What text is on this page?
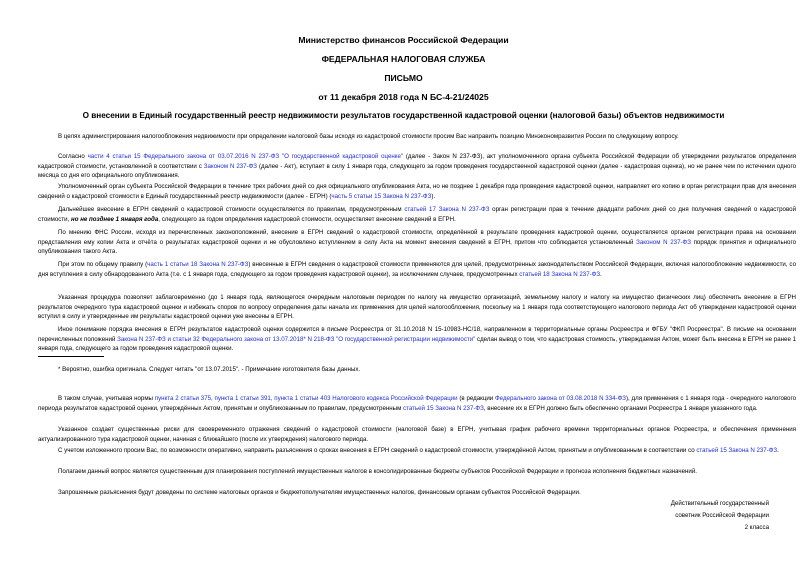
Министерство финансов Российской Федерации
ФЕДЕРАЛЬНАЯ НАЛОГОВАЯ СЛУЖБА
ПИСЬМО
от 11 декабря 2018 года N БС-4-21/24025
О внесении в Единый государственный реестр недвижимости результатов государственной кадастровой оценки (налоговой базы) объектов недвижимости

В целях администрирования налогообложения недвижимости при определении налоговой базы исходя из кадастровой стоимости просим Вас направить позицию Минэкономразвития России по следующему вопросу.

Согласно части 4 статьи 15 Федерального закона от 03.07.2016 N 237-ФЗ "О государственной кадастровой оценке" (далее - Закон N 237-ФЗ), акт уполномоченного органа субъекта Российской Федерации об утверждении результатов определения кадастровой стоимости, установленной в соответствии с Законом N 237-ФЗ (далее - Акт), вступает в силу 1 января года, следующего за годом проведения государственной кадастровой оценки (далее - кадастровая оценка), но не ранее чем по истечении одного месяца со дня его официального опубликования.

Уполномоченный орган субъекта Российской Федерации в течение трех рабочих дней со дня официального опубликования Акта, но не позднее 1 декабря года проведения кадастровой оценки, направляет его копию в орган регистрации прав для внесения сведений о кадастровой стоимости в Единый государственный реестр недвижимости (далее - ЕГРН) (часть 5 статьи 15 Закона N 237-ФЗ).

Дальнейшее внесение в ЕГРН сведений о кадастровой стоимости осуществляется по правилам, предусмотренным статьей 17 Закона N 237-ФЗ орган регистрации прав в течение двадцати рабочих дней со дня получения сведений о кадастровой стоимости, но не позднее 1 января года, следующего за годом определения кадастровой стоимости, осуществляет внесение сведений в ЕГРН.

По мнению ФНС России, исходя из перечисленных законоположений, внесение в ЕГРН сведений о кадастровой стоимости, определённой в результате проведения кадастровой оценки, осуществляется органом регистрации права на основании представления ему копии Акта и отчёта о результатах кадастровой оценки и не обусловлено вступлением в силу Акта на момент внесения сведений в ЕГРН, притом что соблюдается установленный Законом N 237-ФЗ порядок принятия и официального опубликования такого Акта.

При этом по общему правилу (часть 1 статьи 18 Закона N 237-ФЗ) внесенные в ЕГРН сведения о кадастровой стоимости применяются для целей, предусмотренных законодательством Российской Федерации, включая налогообложение недвижимости, со дня вступления в силу обнародованного Акта (т.е. с 1 января года, следующего за годом проведения кадастровой оценки), за исключением случаев, предусмотренных статьей 18 Закона N 237-ФЗ.

Указанная процедура позволяет заблаговременно (до 1 января года, являющегося очередным налоговым периодом по налогу на имущество организаций, земельному налогу и налогу на имущество физических лиц) обеспечить внесение в ЕГРН результатов очередного тура кадастровой оценки и избежать споров по вопросу определения даты начала их применения для целей налогообложения, поскольку на 1 января года соответствующего налогового периода Акт об утверждении кадастровой оценки вступил в силу и утвержденные им результаты кадастровой оценки уже внесены в ЕГРН.

Иное понимание порядка внесения в ЕГРН результатов кадастровой оценки содержится в письме Росреестра от 31.10.2018 N 15-10983-НС/18, направленном в территориальные органы Росреестра и ФГБУ "ФКП Росреестра". В письме на основании перечисленных положений Закона N 237-ФЗ и статьи 32 Федерального закона от 13.07.2018* N 218-ФЗ "О государственной регистрации недвижимости" сделан вывод о том, что кадастровая стоимость, утверждаемая Актом, может быть внесена в ЕГРН не ранее 1 января года, следующего за годом проведения кадастровой оценки.

* Вероятно, ошибка оригинала. Следует читать "от 13.07.2015". - Примечание изготовителя базы данных.

В таком случае, учитывая нормы пункта 2 статьи 375, пункта 1 статьи 391, пункта 1 статьи 403 Налогового кодекса Российской Федерации (в редакции Федерального закона от 03.08.2018 N 334-ФЗ), для применения с 1 января года - очередного налогового периода результатов кадастровой оценки, утверждённых Актом, принятым и опубликованным по правилам, предусмотренным статьей 15 Закона N 237-ФЗ, внесение их в ЕГРН должно быть обеспечено органами Росреестра 1 января указанного года.

Указанное создает существенные риски для своевременного отражения сведений о кадастровой стоимости (налоговой базе) в ЕГРН, учитывая график рабочего времени территориальных органов Росреестра, и обеспечения применения актуализированного тура кадастровой оценки, начиная с ближайшего (после их утверждения) налогового периода.

С учетом изложенного просим Вас, по возможности оперативно, направить разъяснения о сроках внесения в ЕГРН сведений о кадастровой стоимости, утверждённой Актом, принятым и опубликованным в соответствии со статьей 15 Закона N 237-ФЗ.

Полагаем данный вопрос является существенным для планирования поступлений имущественных налогов в консолидированные бюджеты субъектов Российской Федерации и прогноза исполнения бюджетных назначений.

Запрошенные разъяснения будут доведены по системе налоговых органов и бюджетополучателям имущественных налогов, финансовым органам субъектов Российской Федерации.

Действительный государственный
советник Российской Федерации
2 класса
